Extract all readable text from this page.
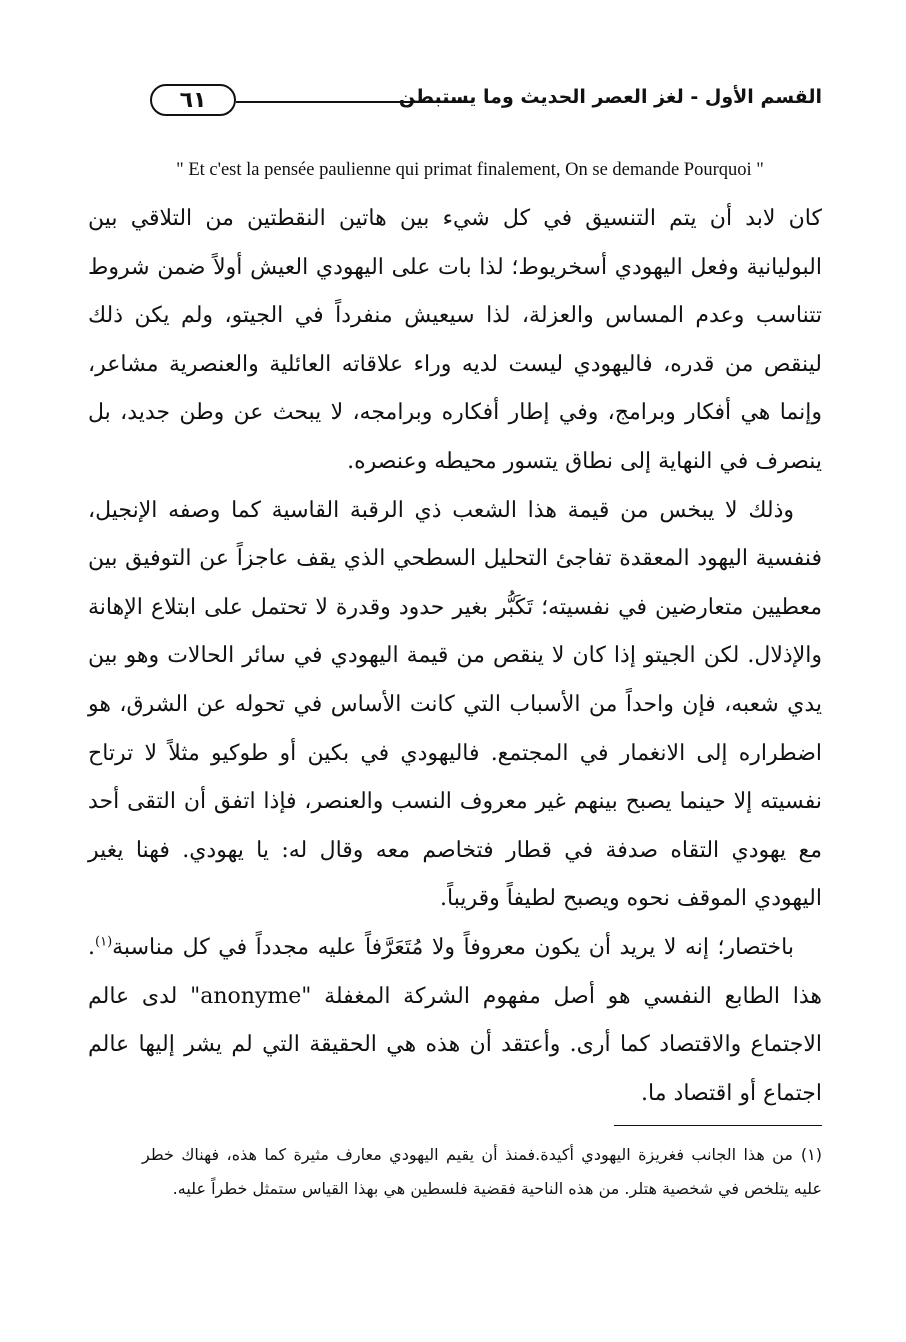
٦١	القسم الأول - لغز العصر الحديث وما يستبطن
" Et c'est la pensée paulienne qui primat finalement, On se demande Pourquoi "

كان لابد أن يتم التنسيق في كل شيء بين هاتين النقطتين من التلاقي بين البوليانية وفعل اليهودي أسخريوط؛ لذا بات على اليهودي العيش أولاً ضمن شروط تتناسب وعدم المساس والعزلة، لذا سيعيش منفرداً في الجيتو، ولم يكن ذلك لينقص من قدره، فاليهودي ليست لديه وراء علاقاته العائلية والعنصرية مشاعر، وإنما هي أفكار وبرامج، وفي إطار أفكاره وبرامجه، لا يبحث عن وطن جديد، بل ينصرف في النهاية إلى نطاق يتسور محيطه وعنصره.

وذلك لا يبخس من قيمة هذا الشعب ذي الرقبة القاسية كما وصفه الإنجيل، فنفسية اليهود المعقدة تفاجئ التحليل السطحي الذي يقف عاجزاً عن التوفيق بين معطيين متعارضين في نفسيته؛ تَكَبُّر بغير حدود وقدرة لا تحتمل على ابتلاع الإهانة والإذلال. لكن الجيتو إذا كان لا ينقص من قيمة اليهودي في سائر الحالات وهو بين يدي شعبه، فإن واحداً من الأسباب التي كانت الأساس في تحوله عن الشرق، هو اضطراره إلى الانغمار في المجتمع. فاليهودي في بكين أو طوكيو مثلاً لا ترتاح نفسيته إلا حينما يصبح بينهم غير معروف النسب والعنصر، فإذا اتفق أن التقى أحد مع يهودي التقاه صدفة في قطار فتخاصم معه وقال له: يا يهودي. فهنا يغير اليهودي الموقف نحوه ويصبح لطيفاً وقريباً.

باختصار؛ إنه لا يريد أن يكون معروفاً ولا مُتَعَرَّفاً عليه مجدداً في كل مناسبة$^{(١)}$. هذا الطابع النفسي هو أصل مفهوم الشركة المغفلة "anonyme" لدى عالم الاجتماع والاقتصاد كما أرى. وأعتقد أن هذه هي الحقيقة التي لم يشر إليها عالم اجتماع أو اقتصاد ما.

(١)من هذا الجانب فغريزة اليهودي أكيدة.فمنذ أن يقيم اليهودي معارف مثيرة كما هذه، فهناك خطر عليه يتلخص في شخصية هتلر. من هذه الناحية فقضية فلسطين هي بهذا القياس ستمثل خطراً عليه.
